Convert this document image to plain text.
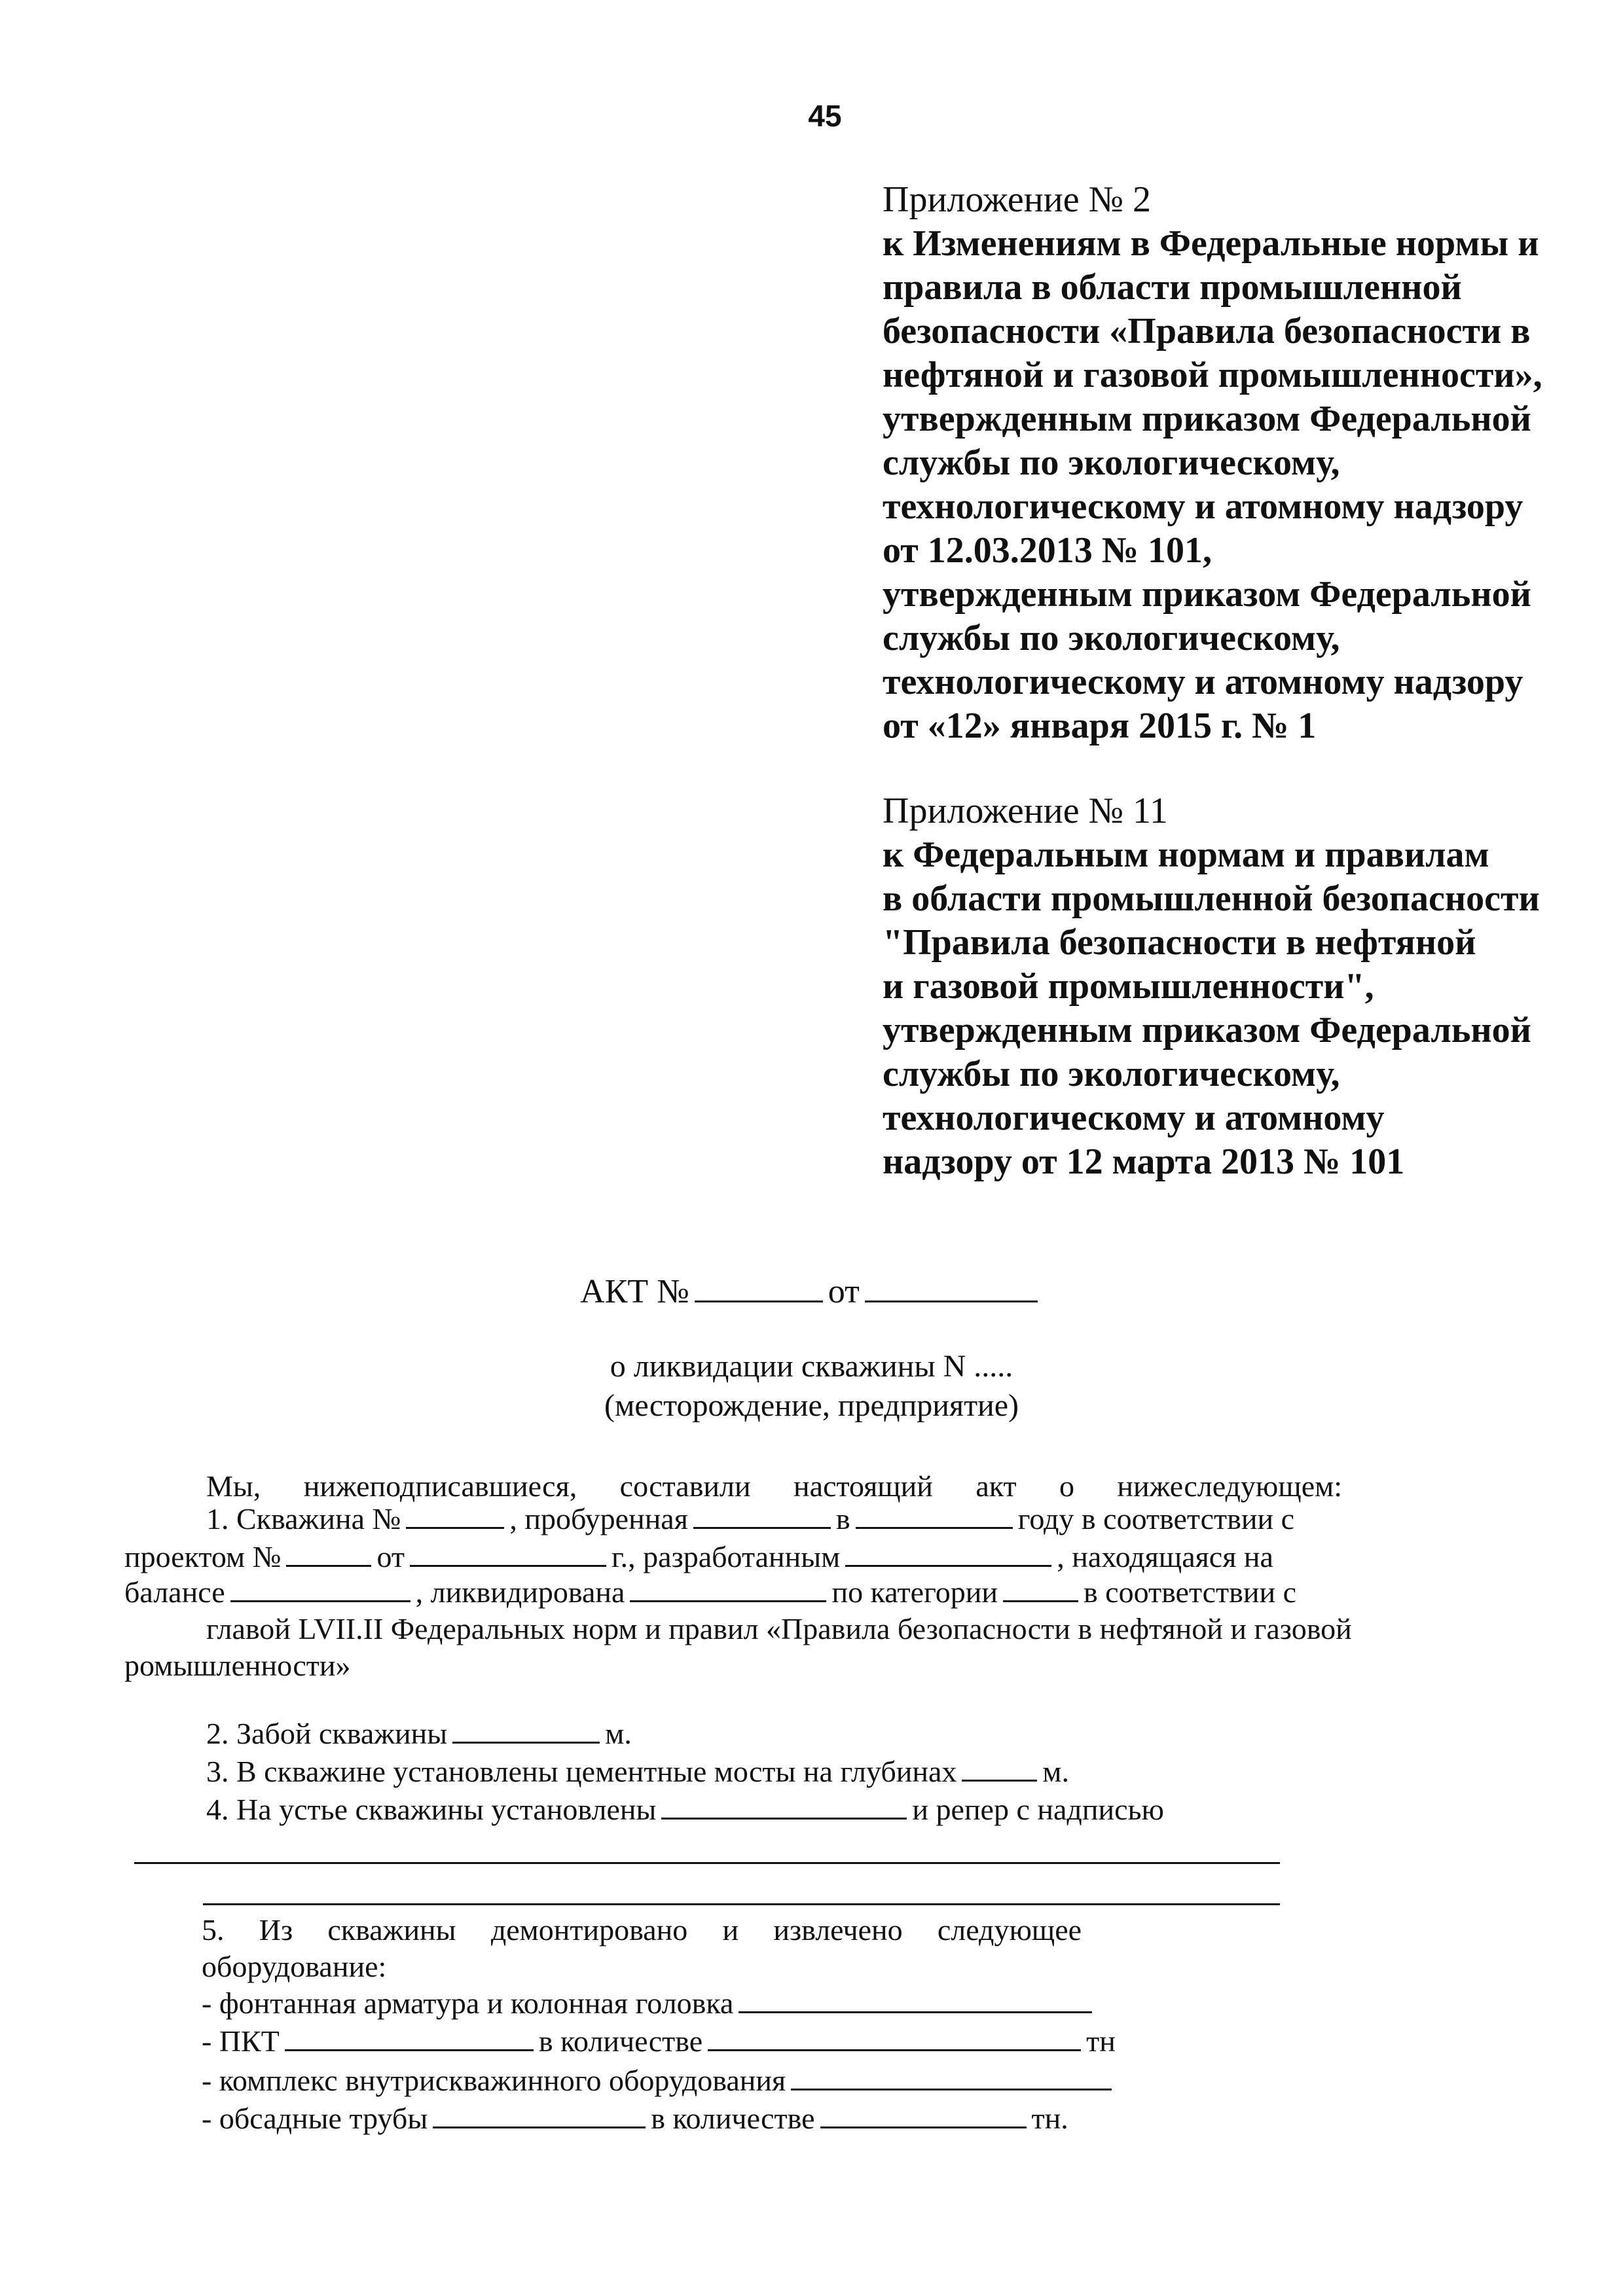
45
Приложение № 2
к Изменениям в Федеральные нормы и
правила в области промышленной
безопасности «Правила безопасности в
нефтяной и газовой промышленности»,
утвержденным приказом Федеральной
службы по экологическому,
технологическому и атомному надзору
от 12.03.2013 № 101,
утвержденным приказом Федеральной
службы по экологическому,
технологическому и атомному надзору
от «12» января 2015 г. № 1
Приложение № 11
к Федеральным нормам и правилам
в области промышленной безопасности
"Правила безопасности в нефтяной
и газовой промышленности",
утвержденным приказом Федеральной
службы по экологическому,
технологическому и атомному
надзору от 12 марта 2013 № 101
АКТ №	от
о ликвидации скважины N .....
(месторождение, предприятие)
Мы, нижеподписавшиеся, составили настоящий акт о нижеследующем:
1. Скважина №	, пробуренная	в	году в соответствии с
проектом №	от	г., разработанным	, находящаяся на
балансе	, ликвидирована	по категории	в соответствии с
главой LVII.II Федеральных норм и правил «Правила безопасности в нефтяной и газовой
ромышленности»
2. Забой скважины	м.
3. В скважине установлены цементные мосты на глубинах	м.
4. На устье скважины установлены	и репер с надписью
5. Из скважины демонтировано и извлечено следующее
оборудование:
- фонтанная арматура и колонная головка
- ПКТ	в количестве	тн
- комплекс внутрискважинного оборудования
- обсадные трубы	в количестве	тн.
